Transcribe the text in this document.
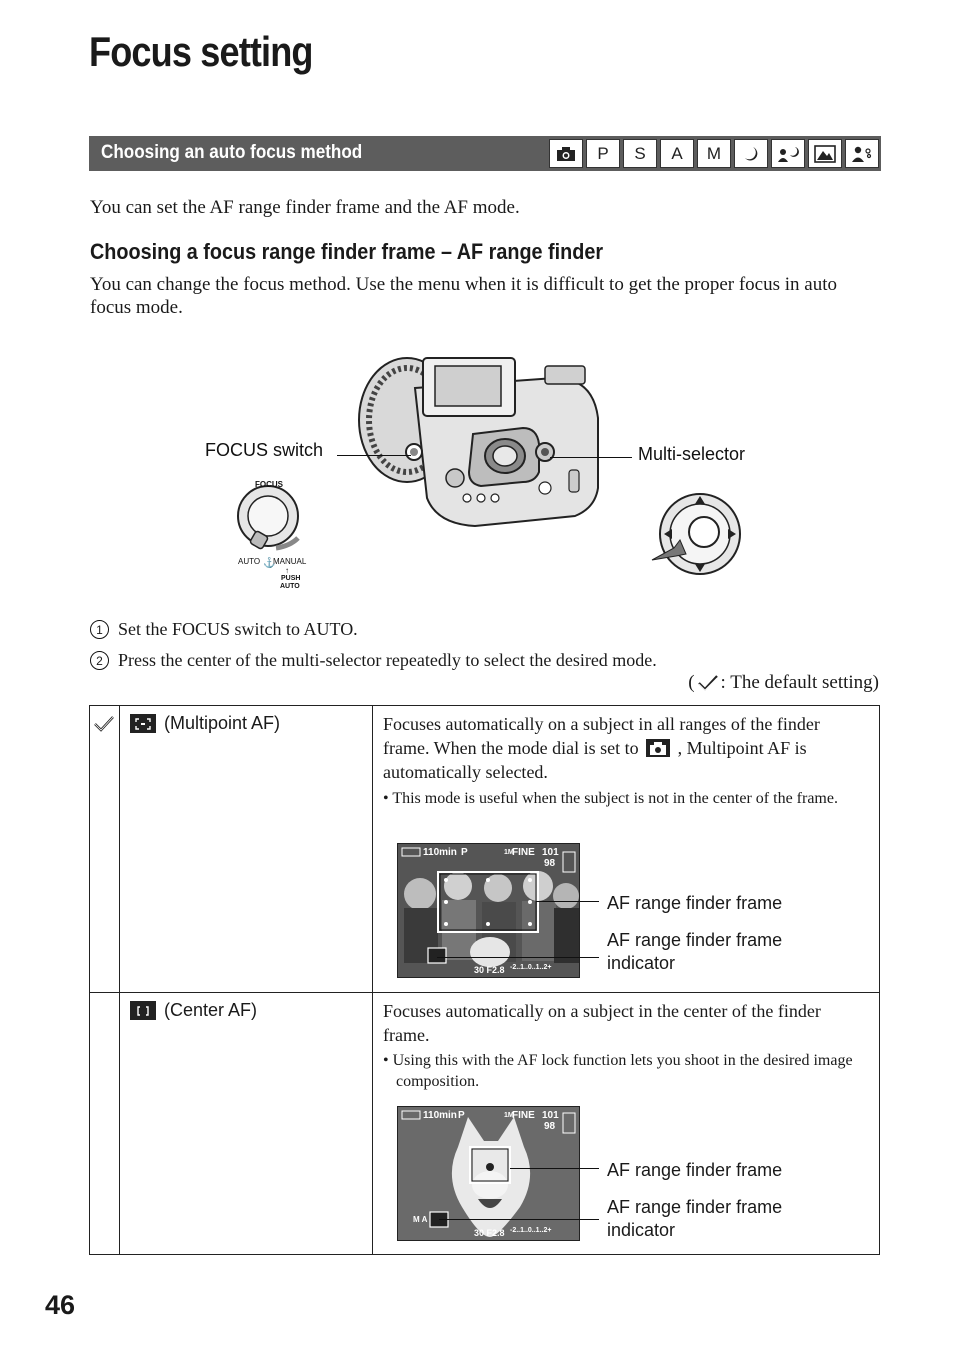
Focus setting
Choosing an auto focus method	P	S	A	M
You can set the AF range finder frame and the AF mode.
Choosing a focus range finder frame – AF range finder
You can change the focus method. Use the menu when it is difficult to get the proper focus in auto focus mode.
FOCUS switch	Multi-selector
FOCUS
AUTO ⚓
MANUAL
↑
PUSH
AUTO
1 Set the FOCUS switch to AUTO.
2 Press the center of the multi-selector repeatedly to select the desired mode.
( : The default setting)
(Multipoint AF)	Focuses automatically on a subject in all ranges of the finder frame. When the mode dial is set to , Multipoint AF is automatically selected.
• This mode is useful when the subject is not in the center of the frame.
110min P	1M
FINE 101
98
30 F2.8 -2..1..0..1..2+
AF range finder frame
AF range finder frame indicator
(Center AF)	Focuses automatically on a subject in the center of the finder frame.
• Using this with the AF lock function lets you shoot in the desired image composition.
110min P	1M
FINE 101
98
M A
30 F2.8 -2..1..0..1..2+
AF range finder frame
AF range finder frame indicator
46
